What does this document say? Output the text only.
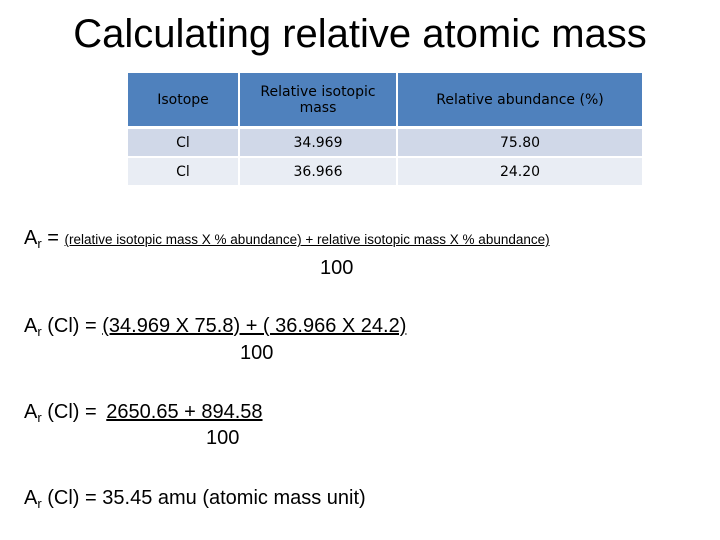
Calculating relative atomic mass
Isotope	Relative isotopic mass	Relative abundance (%)
Cl	34.969	75.80
Cl	36.966	24.20
$A_r$ = (relative isotopic mass X % abundance) + relative isotopic mass X % abundance)
100
$A_r$ (Cl) = (34.969 X 75.8) + ( 36.966 X 24.2)
100
$A_r$ (Cl) = 2650.65 + 894.58
100
$A_r$ (Cl) = 35.45 amu (atomic mass unit)
